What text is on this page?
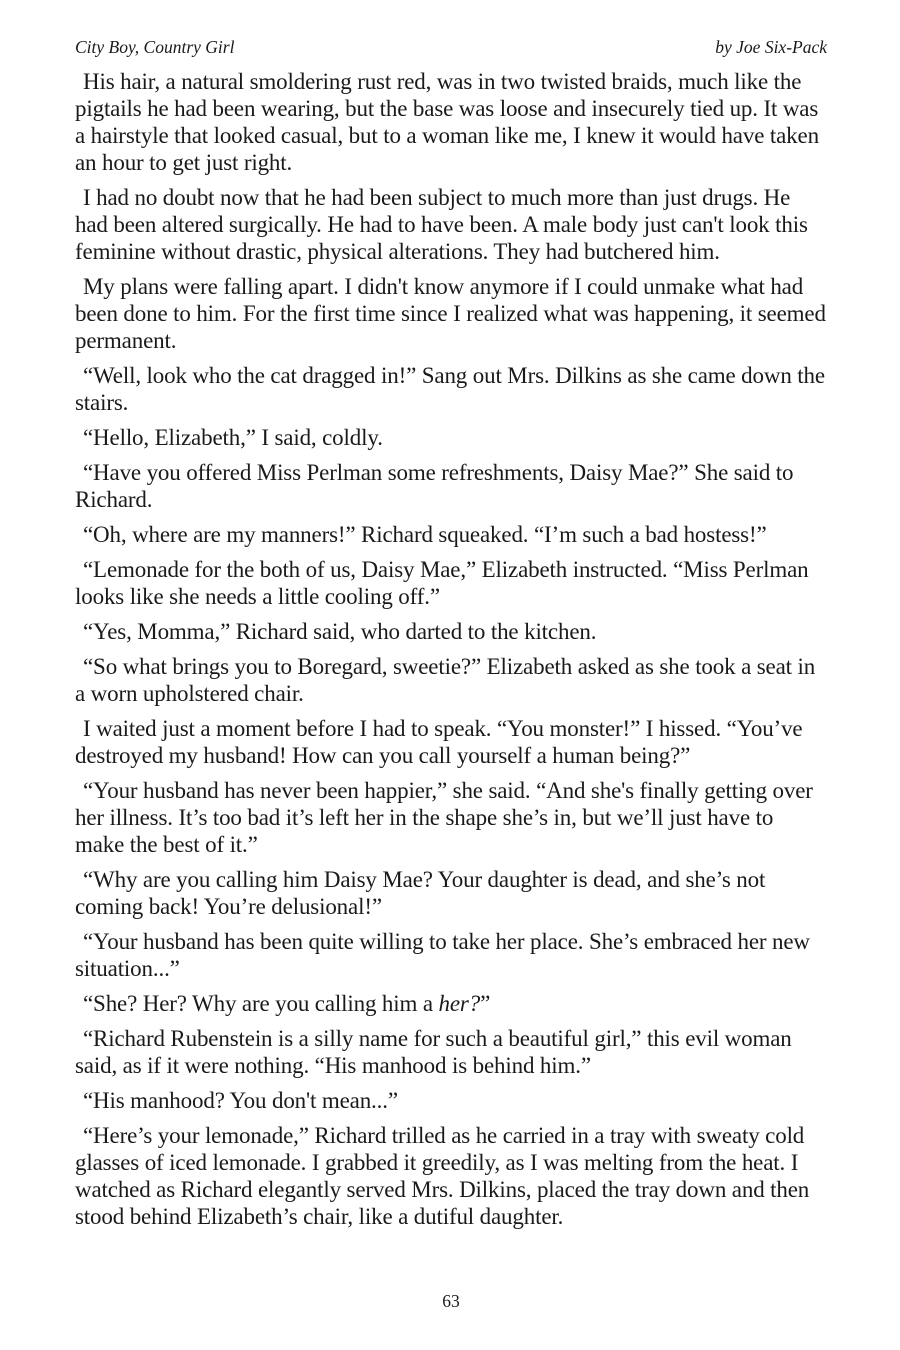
City Boy, Country Girl	by Joe Six-Pack

His hair, a natural smoldering rust red, was in two twisted braids, much like the pigtails he had been wearing, but the base was loose and insecurely tied up. It was a hairstyle that looked casual, but to a woman like me, I knew it would have taken an hour to get just right.

I had no doubt now that he had been subject to much more than just drugs. He had been altered surgically. He had to have been. A male body just can't look this feminine without drastic, physical alterations. They had butchered him.

My plans were falling apart. I didn't know anymore if I could unmake what had been done to him. For the first time since I realized what was happening, it seemed permanent.

“Well, look who the cat dragged in!” Sang out Mrs. Dilkins as she came down the stairs.

“Hello, Elizabeth,” I said, coldly.

“Have you offered Miss Perlman some refreshments, Daisy Mae?” She said to Richard.

“Oh, where are my manners!” Richard squeaked. “I’m such a bad hostess!”

“Lemonade for the both of us, Daisy Mae,” Elizabeth instructed. “Miss Perlman looks like she needs a little cooling off.”

“Yes, Momma,” Richard said, who darted to the kitchen.

“So what brings you to Boregard, sweetie?” Elizabeth asked as she took a seat in a worn upholstered chair.

I waited just a moment before I had to speak. “You monster!” I hissed. “You’ve destroyed my husband! How can you call yourself a human being?”

“Your husband has never been happier,” she said. “And she's finally getting over her illness. It’s too bad it’s left her in the shape she’s in, but we’ll just have to make the best of it.”

“Why are you calling him Daisy Mae? Your daughter is dead, and she’s not coming back! You’re delusional!”

“Your husband has been quite willing to take her place. She’s embraced her new situation...”

“She? Her? Why are you calling him a her?”

“Richard Rubenstein is a silly name for such a beautiful girl,” this evil woman said, as if it were nothing. “His manhood is behind him.”

“His manhood? You don't mean...”

“Here’s your lemonade,” Richard trilled as he carried in a tray with sweaty cold glasses of iced lemonade. I grabbed it greedily, as I was melting from the heat. I watched as Richard elegantly served Mrs. Dilkins, placed the tray down and then stood behind Elizabeth’s chair, like a dutiful daughter.

63
